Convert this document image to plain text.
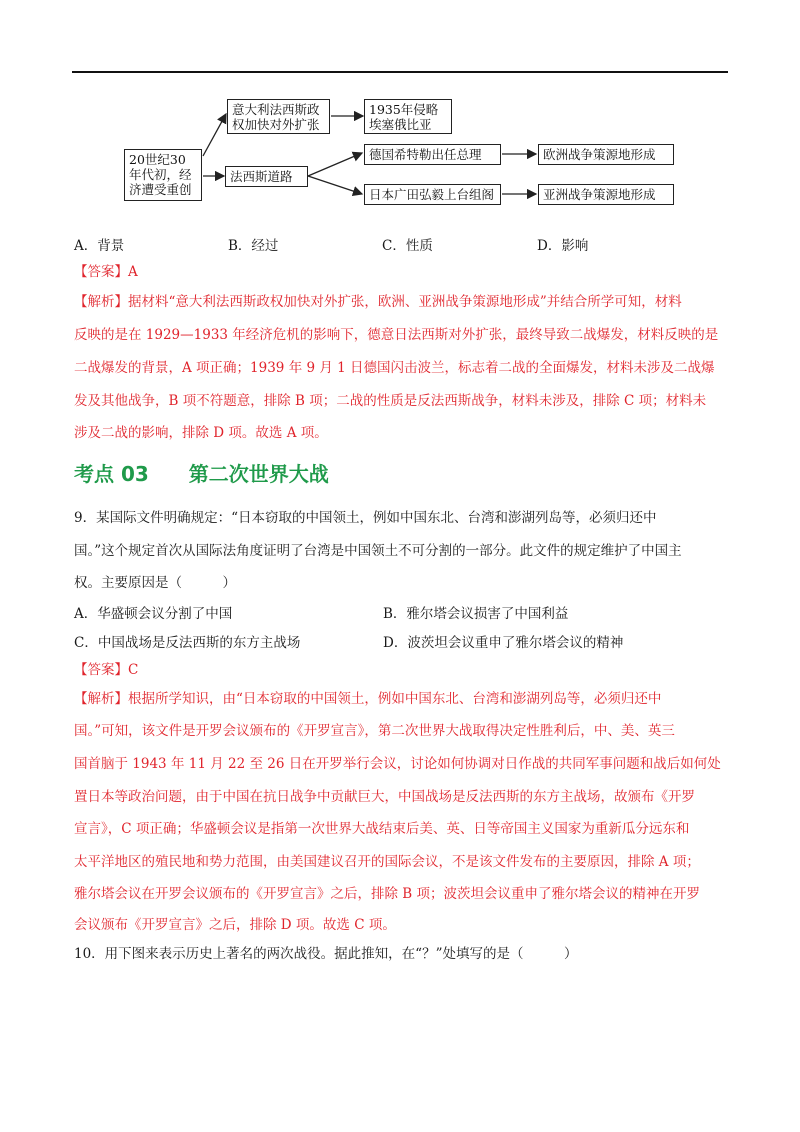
20世纪30
年代初，经
济遭受重创
意大利法西斯政
权加快对外扩张
1935年侵略
埃塞俄比亚
法西斯道路
德国希特勒出任总理	欧洲战争策源地形成
日本广田弘毅上台组阁	亚洲战争策源地形成
A．背景	B．经过	C．性质	D．影响
【答案】A
【解析】据材料“意大利法西斯政权加快对外扩张，欧洲、亚洲战争策源地形成”并结合所学可知，材料
反映的是在 1929—1933 年经济危机的影响下，德意日法西斯对外扩张，最终导致二战爆发，材料反映的是
二战爆发的背景，A 项正确；1939 年 9 月 1 日德国闪击波兰，标志着二战的全面爆发，材料未涉及二战爆
发及其他战争，B 项不符题意，排除 B 项；二战的性质是反法西斯战争，材料未涉及，排除 C 项；材料未
涉及二战的影响，排除 D 项。故选 A 项。
考点 03 第二次世界大战
9．某国际文件明确规定：“日本窃取的中国领土，例如中国东北、台湾和澎湖列岛等，必须归还中
国。”这个规定首次从国际法角度证明了台湾是中国领土不可分割的一部分。此文件的规定维护了中国主
权。主要原因是（　　　）
A．华盛顿会议分割了中国	B．雅尔塔会议损害了中国利益
C．中国战场是反法西斯的东方主战场	D．波茨坦会议重申了雅尔塔会议的精神
【答案】C
【解析】根据所学知识，由“日本窃取的中国领土，例如中国东北、台湾和澎湖列岛等，必须归还中
国。”可知，该文件是开罗会议颁布的《开罗宣言》，第二次世界大战取得决定性胜利后，中、美、英三
国首脑于 1943 年 11 月 22 至 26 日在开罗举行会议，讨论如何协调对日作战的共同军事问题和战后如何处
置日本等政治问题，由于中国在抗日战争中贡献巨大，中国战场是反法西斯的东方主战场，故颁布《开罗
宣言》，C 项正确；华盛顿会议是指第一次世界大战结束后美、英、日等帝国主义国家为重新瓜分远东和
太平洋地区的殖民地和势力范围，由美国建议召开的国际会议，不是该文件发布的主要原因，排除 A 项；
雅尔塔会议在开罗会议颁布的《开罗宣言》之后，排除 B 项；波茨坦会议重申了雅尔塔会议的精神在开罗
会议颁布《开罗宣言》之后，排除 D 项。故选 C 项。
10．用下图来表示历史上著名的两次战役。据此推知，在“？”处填写的是（　　　）
